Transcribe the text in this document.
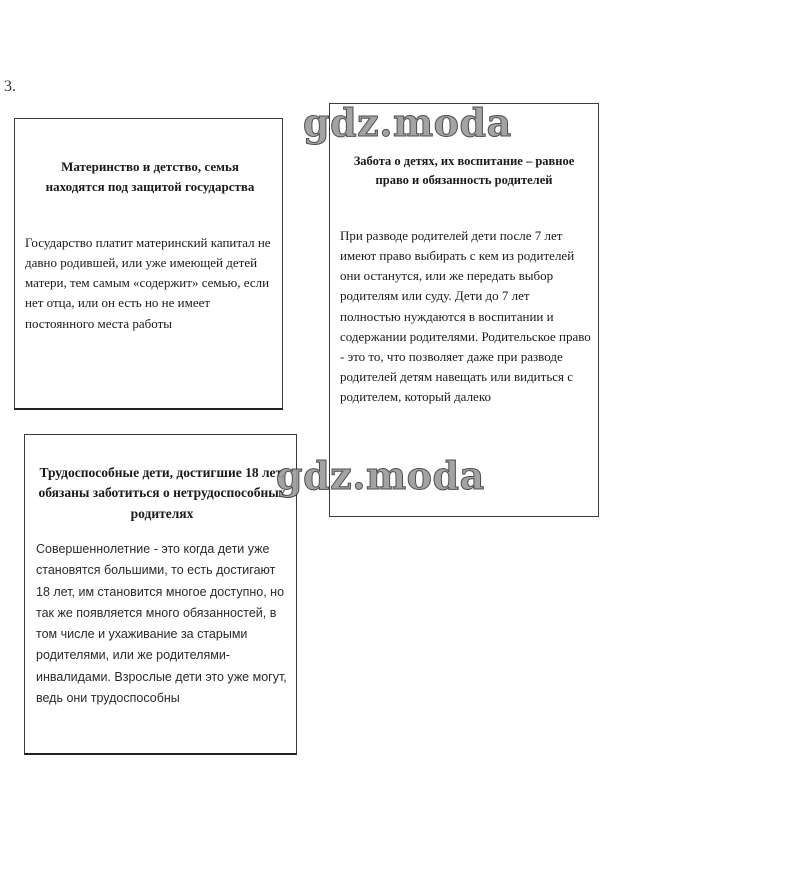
3.
Материнство и детство, семья находятся под защитой государства
Государство платит материнский капитал не давно родившей, или уже имеющей детей матери, тем самым «содержит» семью, если нет отца, или он есть но не имеет постоянного места работы
Забота о детях, их воспитание – равное право и обязанность родителей
При разводе родителей дети после 7 лет имеют право выбирать с кем из родителей они останутся, или же передать выбор родителям или суду. Дети до 7 лет полностью нуждаются в воспитании и содержании родителями. Родительское право - это то, что позволяет даже при разводе родителей детям навещать или видиться с родителем, который далеко
Трудоспособные дети, достигшие 18 лет, обязаны заботиться о нетрудоспособных родителях
Совершеннолетние - это когда дети уже становятся большими, то есть достигают 18 лет, им становится многое доступно, но так же появляется много обязанностей, в том числе и ухаживание за старыми родителями, или же родителями-инвалидами. Взрослые дети это уже могут, ведь они трудоспособны
gdz.moda
gdz.moda
